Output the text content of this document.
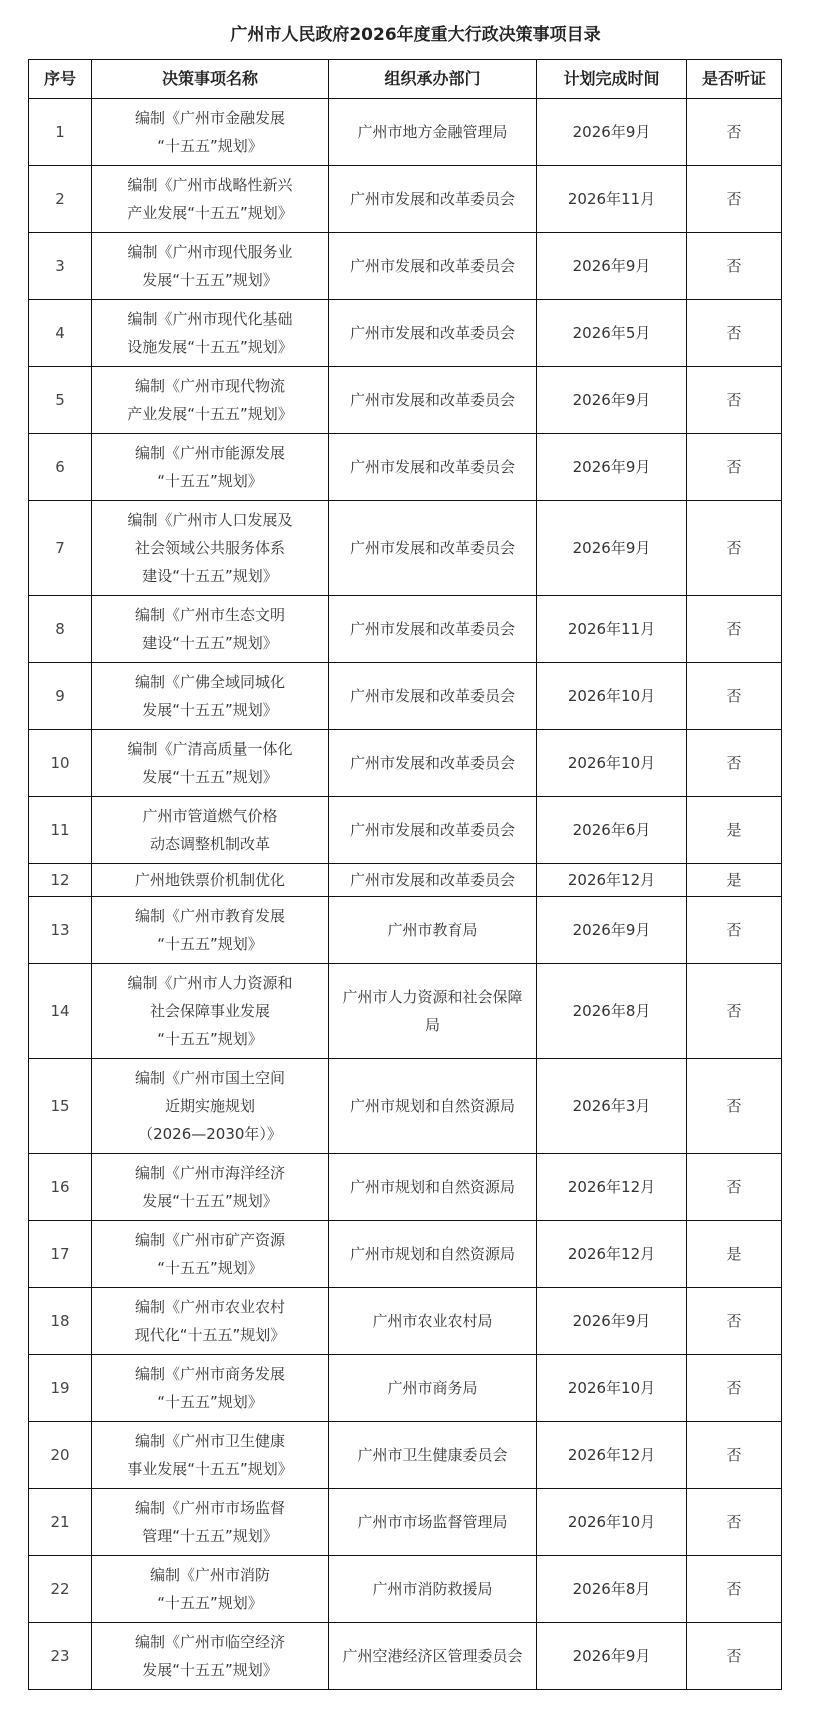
广州市人民政府2026年度重大行政决策事项目录
序号	决策事项名称	组织承办部门	计划完成时间	是否听证
1	编制《广州市金融发展
“十五五”规划》	广州市地方金融管理局	2026年9月	否
2	编制《广州市战略性新兴
产业发展“十五五”规划》	广州市发展和改革委员会	2026年11月	否
3	编制《广州市现代服务业
发展“十五五”规划》	广州市发展和改革委员会	2026年9月	否
4	编制《广州市现代化基础
设施发展“十五五”规划》	广州市发展和改革委员会	2026年5月	否
5	编制《广州市现代物流
产业发展“十五五”规划》	广州市发展和改革委员会	2026年9月	否
6	编制《广州市能源发展
“十五五”规划》	广州市发展和改革委员会	2026年9月	否
7	编制《广州市人口发展及
社会领域公共服务体系
建设“十五五”规划》	广州市发展和改革委员会	2026年9月	否
8	编制《广州市生态文明
建设“十五五”规划》	广州市发展和改革委员会	2026年11月	否
9	编制《广佛全域同城化
发展“十五五”规划》	广州市发展和改革委员会	2026年10月	否
10	编制《广清高质量一体化
发展“十五五”规划》	广州市发展和改革委员会	2026年10月	否
11	广州市管道燃气价格
动态调整机制改革	广州市发展和改革委员会	2026年6月	是
12	广州地铁票价机制优化	广州市发展和改革委员会	2026年12月	是
13	编制《广州市教育发展
“十五五”规划》	广州市教育局	2026年9月	否
14	编制《广州市人力资源和
社会保障事业发展
“十五五”规划》	广州市人力资源和社会保障
局	2026年8月	否
15	编制《广州市国土空间
近期实施规划
（2026—2030年）》	广州市规划和自然资源局	2026年3月	否
16	编制《广州市海洋经济
发展“十五五”规划》	广州市规划和自然资源局	2026年12月	否
17	编制《广州市矿产资源
“十五五”规划》	广州市规划和自然资源局	2026年12月	是
18	编制《广州市农业农村
现代化“十五五”规划》	广州市农业农村局	2026年9月	否
19	编制《广州市商务发展
“十五五”规划》	广州市商务局	2026年10月	否
20	编制《广州市卫生健康
事业发展“十五五”规划》	广州市卫生健康委员会	2026年12月	否
21	编制《广州市市场监督
管理“十五五”规划》	广州市市场监督管理局	2026年10月	否
22	编制《广州市消防
“十五五”规划》	广州市消防救援局	2026年8月	否
23	编制《广州市临空经济
发展“十五五”规划》	广州空港经济区管理委员会	2026年9月	否
